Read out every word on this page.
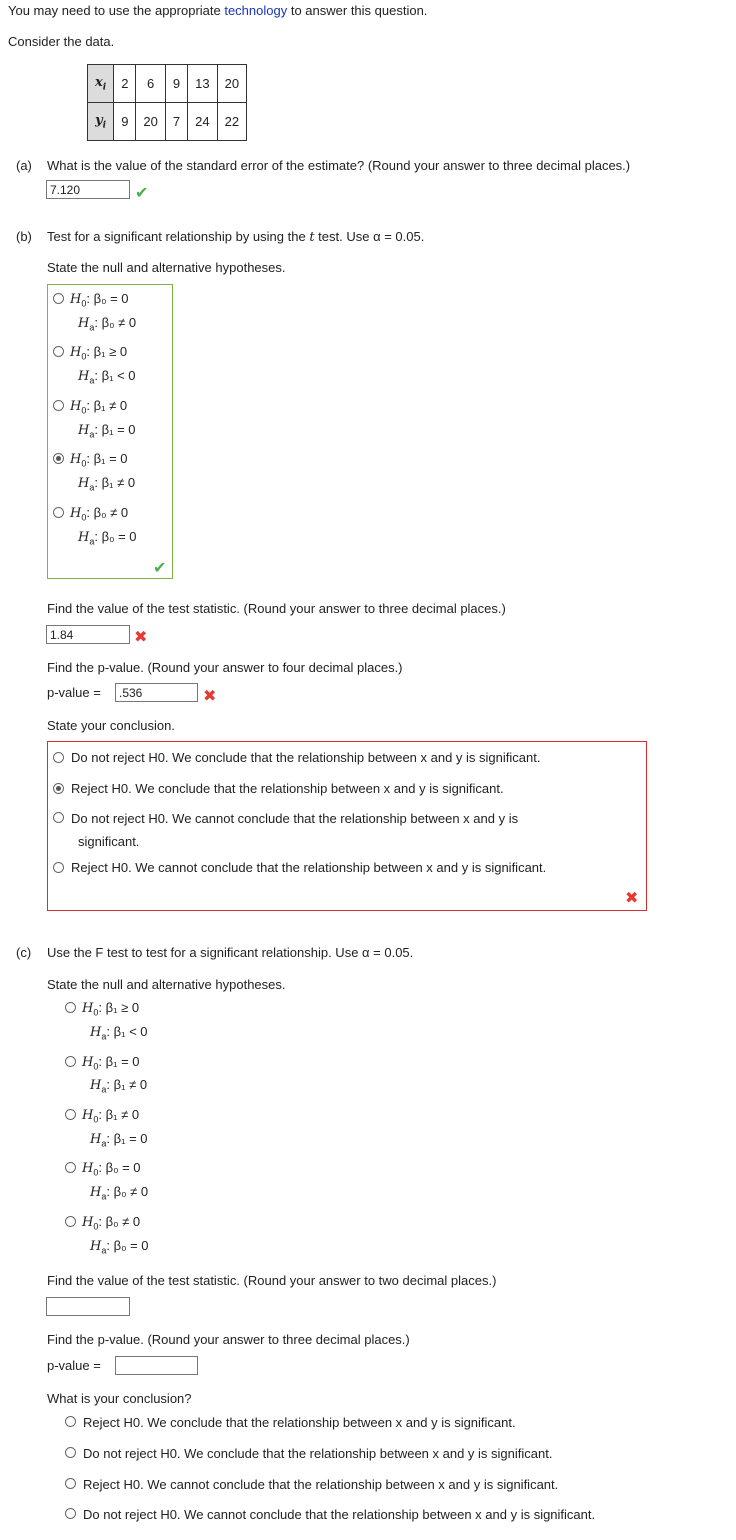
You may need to use the appropriate technology to answer this question.
Consider the data.
$x_i$	2	6	9	13	20
$y_i$	9	20	7	24	22
(a) What is the value of the standard error of the estimate? (Round your answer to three decimal places.)
7.120	✔
(b) Test for a significant relationship by using the t test. Use α = 0.05.
State the null and alternative hypotheses.
$H_0$: β₀ = 0
$H_a$: β₀ ≠ 0
$H_0$: β₁ ≥ 0
$H_a$: β₁ < 0
$H_0$: β₁ ≠ 0
$H_a$: β₁ = 0
$H_0$: β₁ = 0
$H_a$: β₁ ≠ 0
$H_0$: β₀ ≠ 0
$H_a$: β₀ = 0
✔
Find the value of the test statistic. (Round your answer to three decimal places.)
1.84	✖
Find the p-value. (Round your answer to four decimal places.)
p-value =	.536	✖
State your conclusion.
Do not reject H0. We conclude that the relationship between x and y is significant.
Reject H0. We conclude that the relationship between x and y is significant.
Do not reject H0. We cannot conclude that the relationship between x and y is
significant.
Reject H0. We cannot conclude that the relationship between x and y is significant.
✖
(c) Use the F test to test for a significant relationship. Use α = 0.05.
State the null and alternative hypotheses.
$H_0$: β₁ ≥ 0
$H_a$: β₁ < 0
$H_0$: β₁ = 0
$H_a$: β₁ ≠ 0
$H_0$: β₁ ≠ 0
$H_a$: β₁ = 0
$H_0$: β₀ = 0
$H_a$: β₀ ≠ 0
$H_0$: β₀ ≠ 0
$H_a$: β₀ = 0
Find the value of the test statistic. (Round your answer to two decimal places.)
Find the p-value. (Round your answer to three decimal places.)
p-value =
What is your conclusion?
Reject H0. We conclude that the relationship between x and y is significant.
Do not reject H0. We conclude that the relationship between x and y is significant.
Reject H0. We cannot conclude that the relationship between x and y is significant.
Do not reject H0. We cannot conclude that the relationship between x and y is significant.
